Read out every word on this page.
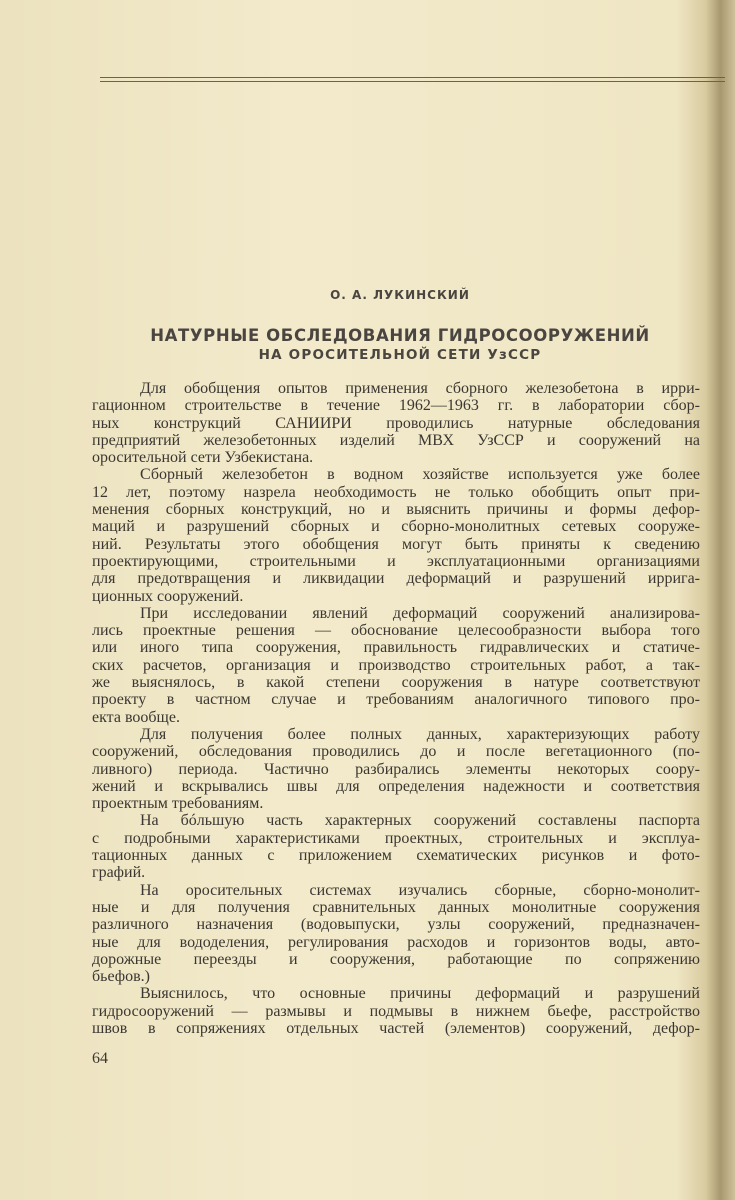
О. А. ЛУКИНСКИЙ
НАТУРНЫЕ ОБСЛЕДОВАНИЯ ГИДРОСООРУЖЕНИЙ
НА ОРОСИТЕЛЬНОЙ СЕТИ УзССР
Для обобщения опытов применения сборного железобетона в ирри-
гационном строительстве в течение 1962—1963 гг. в лаборатории сбор-
ных конструкций САНИИРИ проводились натурные обследования
предприятий железобетонных изделий МВХ УзССР и сооружений на
оросительной сети Узбекистана.
Сборный железобетон в водном хозяйстве используется уже более
12 лет, поэтому назрела необходимость не только обобщить опыт при-
менения сборных конструкций, но и выяснить причины и формы дефор-
маций и разрушений сборных и сборно-монолитных сетевых сооруже-
ний. Результаты этого обобщения могут быть приняты к сведению
проектирующими, строительными и эксплуатационными организациями
для предотвращения и ликвидации деформаций и разрушений ирригa-
ционных сооружений.
При исследовании явлений деформаций сооружений анализирова-
лись проектные решения — обоснование целесообразности выбора того
или иного типа сооружения, правильность гидравлических и статиче-
ских расчетов, организация и производство строительных работ, а так-
же выяснялось, в какой степени сооружения в натуре соответствуют
проекту в частном случае и требованиям аналогичного типового про-
екта вообще.
Для получения более полных данных, характеризующих работу
сооружений, обследования проводились до и после вегетационного (по-
ливного) периода. Частично разбирались элементы некоторых соору-
жений и вскрывались швы для определения надежности и соответствия
проектным требованиям.
На бóльшую часть характерных сооружений составлены паспорта
с подробными характеристиками проектных, строительных и эксплуа-
тационных данных с приложением схематических рисунков и фото-
графий.
На оросительных системах изучались сборные, сборно-монолит-
ные и для получения сравнительных данных монолитные сооружения
различного назначения (водовыпуски, узлы сооружений, предназначен-
ные для вододеления, регулирования расходов и горизонтов воды, авто-
дорожные переезды и сооружения, работающие по сопряжению
бьефов.)
Выяснилось, что основные причины деформаций и разрушений
гидросооружений — размывы и подмывы в нижнем бьефе, расстройство
швов в сопряжениях отдельных частей (элементов) сооружений, дефор-
64
